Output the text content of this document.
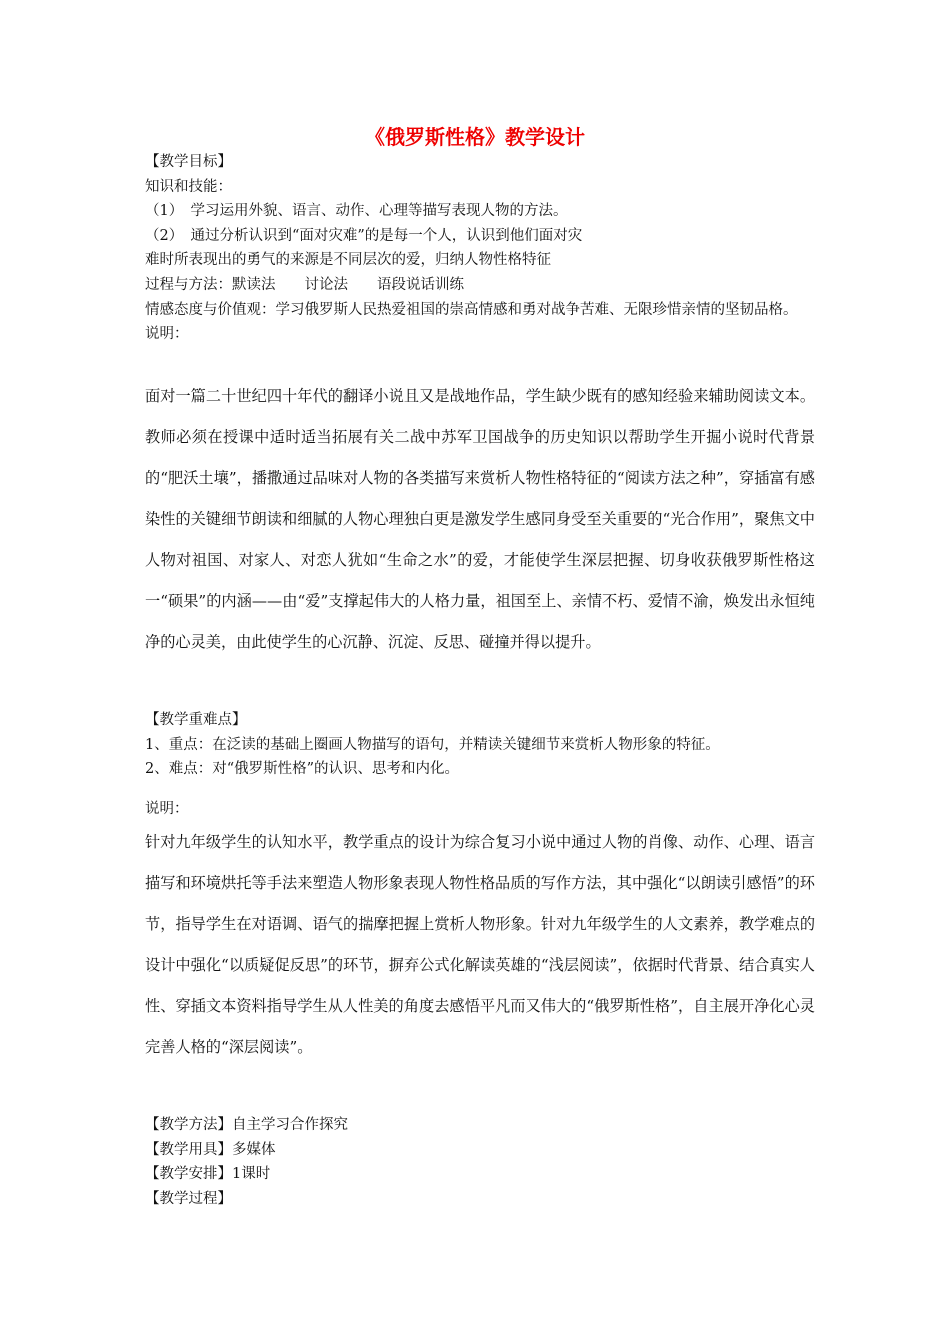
《俄罗斯性格》教学设计

【教学目标】

知识和技能：

（1）　学习运用外貌、语言、动作、心理等描写表现人物的方法。

（2）　通过分析认识到“面对灾难”的是每一个人，认识到他们面对灾

难时所表现出的勇气的来源是不同层次的爱，归纳人物性格特征

过程与方法：默读法　　讨论法　　语段说话训练

情感态度与价值观：学习俄罗斯人民热爱祖国的崇高情感和勇对战争苦难、无限珍惜亲情的坚韧品格。

说明：

面对一篇二十世纪四十年代的翻译小说且又是战地作品，学生缺少既有的感知经验来辅助阅读文本。教师必须在授课中适时适当拓展有关二战中苏军卫国战争的历史知识以帮助学生开掘小说时代背景的“肥沃土壤”，播撒通过品味对人物的各类描写来赏析人物性格特征的“阅读方法之种”，穿插富有感染性的关键细节朗读和细腻的人物心理独白更是激发学生感同身受至关重要的“光合作用”，聚焦文中人物对祖国、对家人、对恋人犹如“生命之水”的爱，才能使学生深层把握、切身收获俄罗斯性格这一“硕果”的内涵——由“爱”支撑起伟大的人格力量，祖国至上、亲情不朽、爱情不渝，焕发出永恒纯净的心灵美，由此使学生的心沉静、沉淀、反思、碰撞并得以提升。

【教学重难点】

1、重点：在泛读的基础上圈画人物描写的语句，并精读关键细节来赏析人物形象的特征。

2、难点：对“俄罗斯性格”的认识、思考和内化。

说明：

针对九年级学生的认知水平，教学重点的设计为综合复习小说中通过人物的肖像、动作、心理、语言描写和环境烘托等手法来塑造人物形象表现人物性格品质的写作方法，其中强化“以朗读引感悟”的环节，指导学生在对语调、语气的揣摩把握上赏析人物形象。针对九年级学生的人文素养，教学难点的设计中强化“以质疑促反思”的环节，摒弃公式化解读英雄的“浅层阅读”，依据时代背景、结合真实人性、穿插文本资料指导学生从人性美的角度去感悟平凡而又伟大的“俄罗斯性格”，自主展开净化心灵完善人格的“深层阅读”。

【教学方法】自主学习合作探究

【教学用具】多媒体

【教学安排】1课时

【教学过程】
